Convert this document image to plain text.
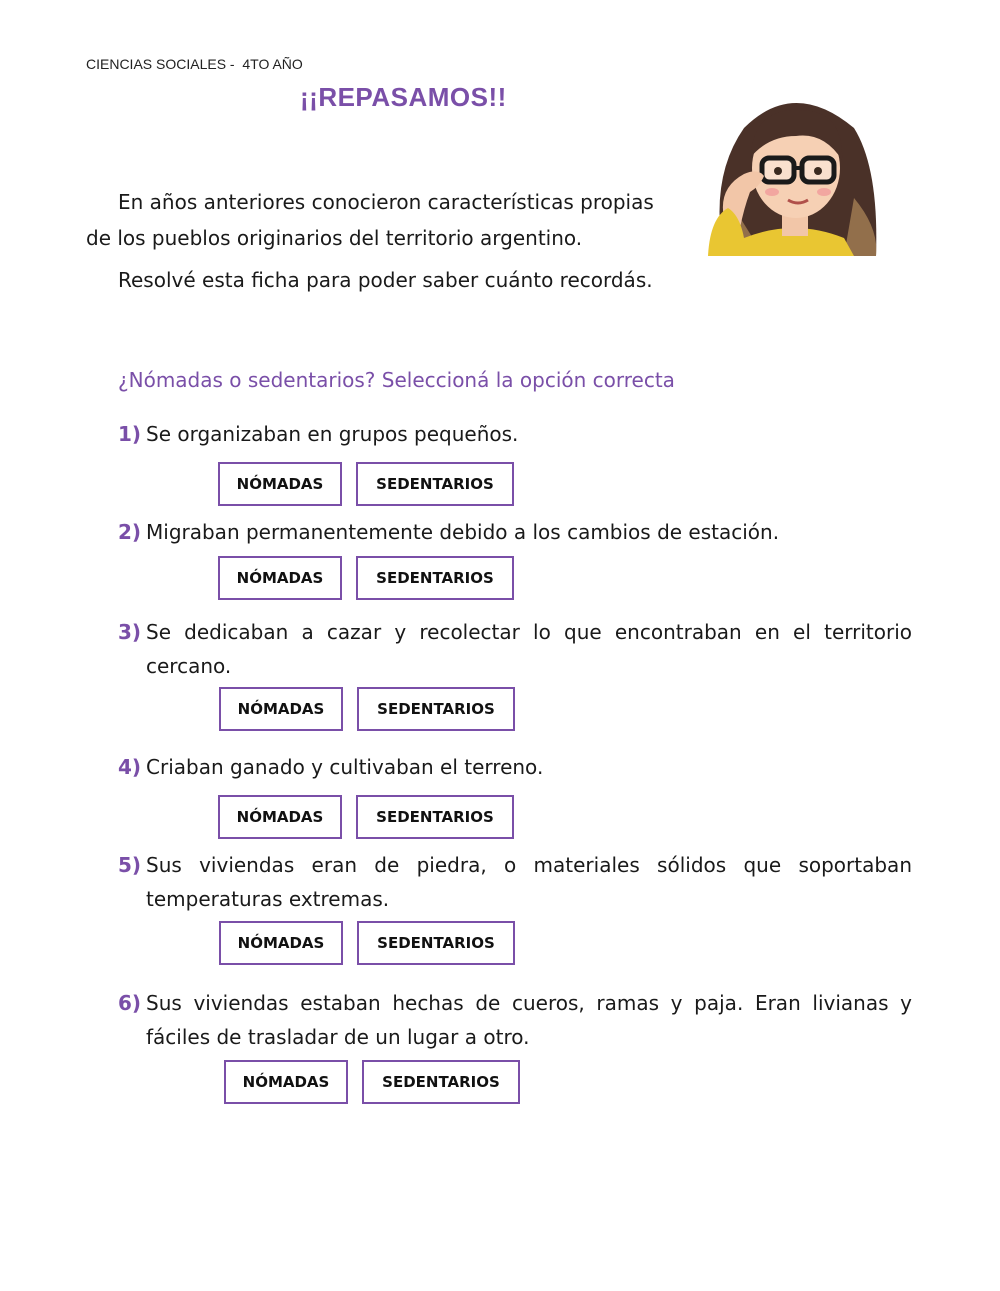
CIENCIAS SOCIALES -  4TO AÑO
¡¡REPASAMOS!!
En años anteriores conocieron características propias
de los pueblos originarios del territorio argentino.
Resolvé esta ficha para poder saber cuánto recordás.
¿Nómadas o sedentarios? Seleccioná la opción correcta
1) Se organizaban en grupos pequeños.
NÓMADAS	SEDENTARIOS
2) Migraban permanentemente debido a los cambios de estación.
NÓMADAS	SEDENTARIOS
3) Se dedicaban a cazar y recolectar lo que encontraban en el territorio cercano.
NÓMADAS	SEDENTARIOS
4) Criaban ganado y cultivaban el terreno.
NÓMADAS	SEDENTARIOS
5) Sus viviendas eran de piedra, o materiales sólidos que soportaban temperaturas extremas.
NÓMADAS	SEDENTARIOS
6) Sus viviendas estaban hechas de cueros, ramas y paja. Eran livianas y fáciles de trasladar de un lugar a otro.
NÓMADAS	SEDENTARIOS
